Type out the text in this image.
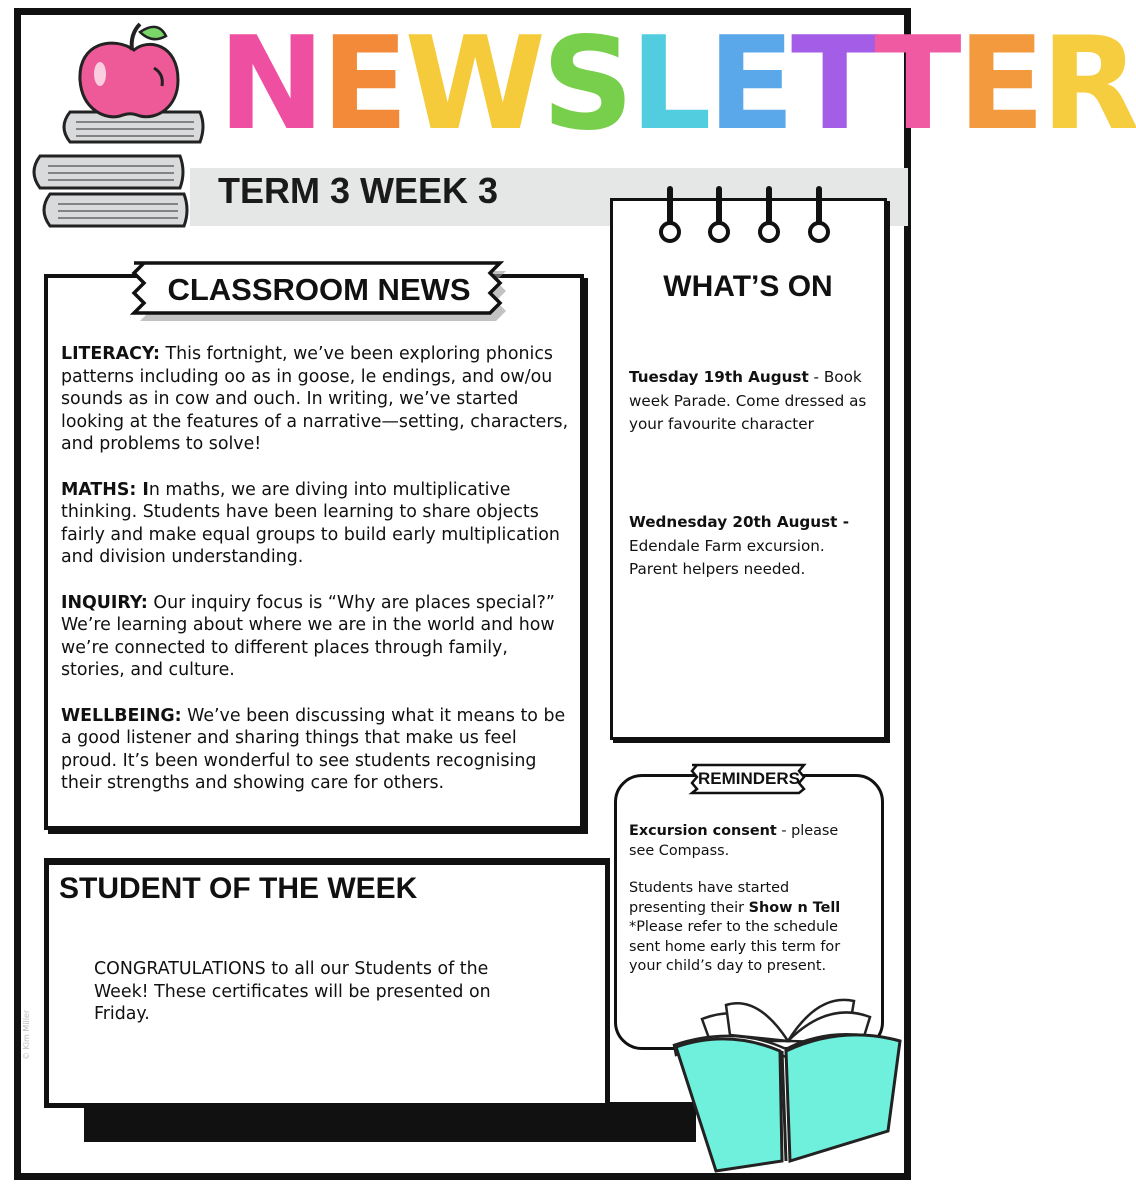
N E W S L E T T E R
TERM 3 WEEK 3
CLASSROOM NEWS

LITERACY: This fortnight, we’ve been exploring phonics patterns including oo as in goose, le endings, and ow/ou sounds as in cow and ouch. In writing, we’ve started looking at the features of a narrative—setting, characters, and problems to solve!

MATHS: In maths, we are diving into multiplicative thinking. Students have been learning to share objects fairly and make equal groups to build early multiplication and division understanding.

INQUIRY: Our inquiry focus is “Why are places special?” We’re learning about where we are in the world and how we’re connected to different places through family, stories, and culture.

WELLBEING: We’ve been discussing what it means to be a good listener and sharing things that make us feel proud. It’s been wonderful to see students recognising their strengths and showing care for others.

STUDENT OF THE WEEK
CONGRATULATIONS to all our Students of the Week! These certificates will be presented on Friday.
© Kim Miller
WHAT’S ON
Tuesday 19th August - Book week Parade. Come dressed as your favourite character
Wednesday 20th August - Edendale Farm excursion. Parent helpers needed.
REMINDERS
Excursion consent - please see Compass.
Students have started presenting their Show n Tell *Please refer to the schedule sent home early this term for your child’s day to present.
